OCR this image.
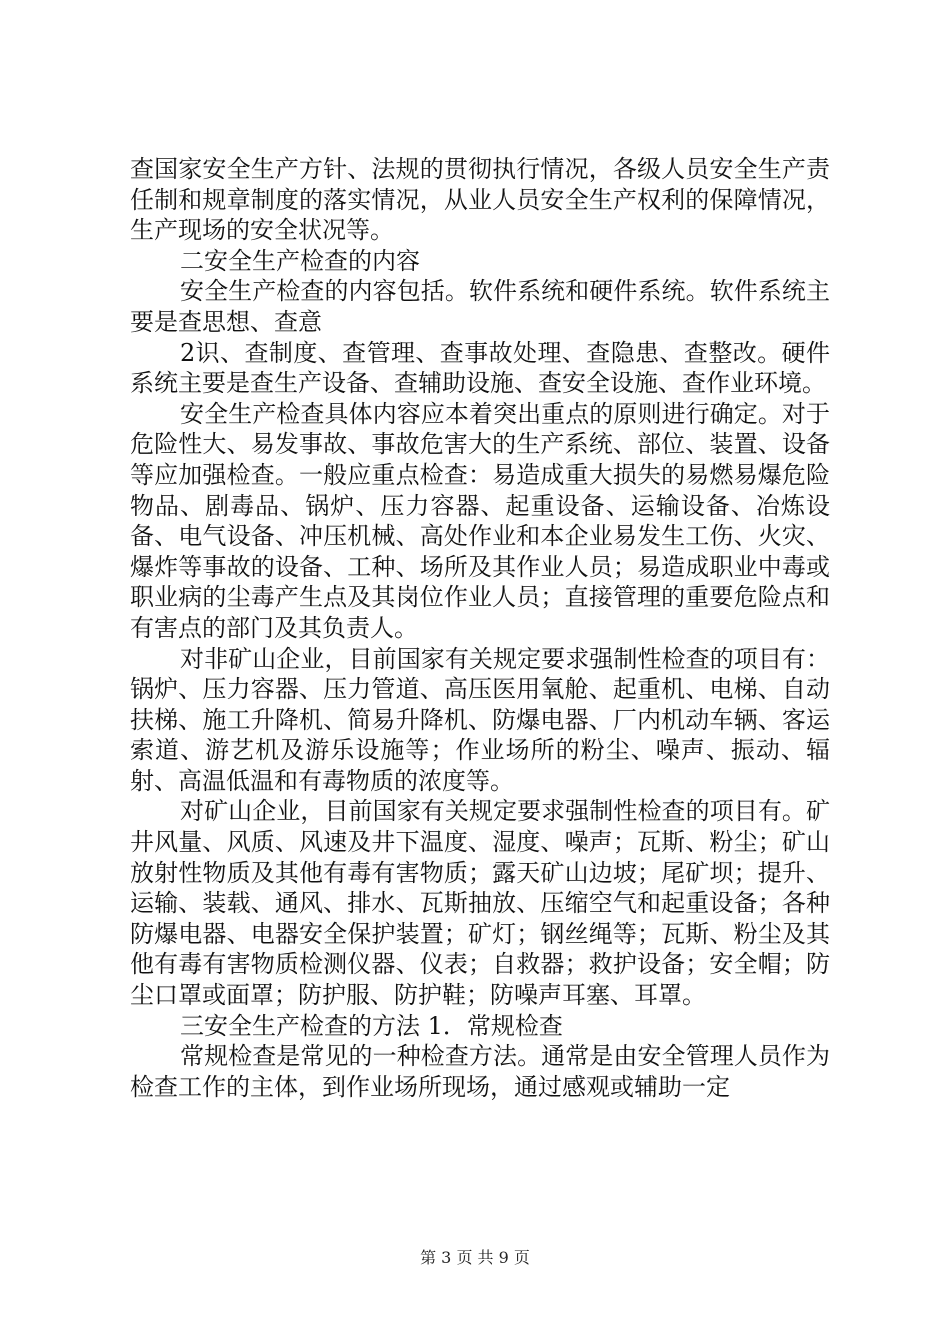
查国家安全生产方针、法规的贯彻执行情况，各级人员安全生产责任制和规章制度的落实情况，从业人员安全生产权利的保障情况，生产现场的安全状况等。

二安全生产检查的内容

安全生产检查的内容包括。软件系统和硬件系统。软件系统主要是查思想、查意

2识、查制度、查管理、查事故处理、查隐患、查整改。硬件系统主要是查生产设备、查辅助设施、查安全设施、查作业环境。

安全生产检查具体内容应本着突出重点的原则进行确定。对于危险性大、易发事故、事故危害大的生产系统、部位、装置、设备等应加强检查。一般应重点检查：易造成重大损失的易燃易爆危险物品、剧毒品、锅炉、压力容器、起重设备、运输设备、冶炼设备、电气设备、冲压机械、高处作业和本企业易发生工伤、火灾、爆炸等事故的设备、工种、场所及其作业人员；易造成职业中毒或职业病的尘毒产生点及其岗位作业人员；直接管理的重要危险点和有害点的部门及其负责人。

对非矿山企业，目前国家有关规定要求强制性检查的项目有：锅炉、压力容器、压力管道、高压医用氧舱、起重机、电梯、自动扶梯、施工升降机、简易升降机、防爆电器、厂内机动车辆、客运索道、游艺机及游乐设施等；作业场所的粉尘、噪声、振动、辐射、高温低温和有毒物质的浓度等。

对矿山企业，目前国家有关规定要求强制性检查的项目有。矿井风量、风质、风速及井下温度、湿度、噪声；瓦斯、粉尘；矿山放射性物质及其他有毒有害物质；露天矿山边坡；尾矿坝；提升、运输、装载、通风、排水、瓦斯抽放、压缩空气和起重设备；各种防爆电器、电器安全保护装置；矿灯；钢丝绳等；瓦斯、粉尘及其他有毒有害物质检测仪器、仪表；自救器；救护设备；安全帽；防尘口罩或面罩；防护服、防护鞋；防噪声耳塞、耳罩。

三安全生产检查的方法 1．常规检查

常规检查是常见的一种检查方法。通常是由安全管理人员作为检查工作的主体，到作业场所现场，通过感观或辅助一定

第 3 页 共 9 页
